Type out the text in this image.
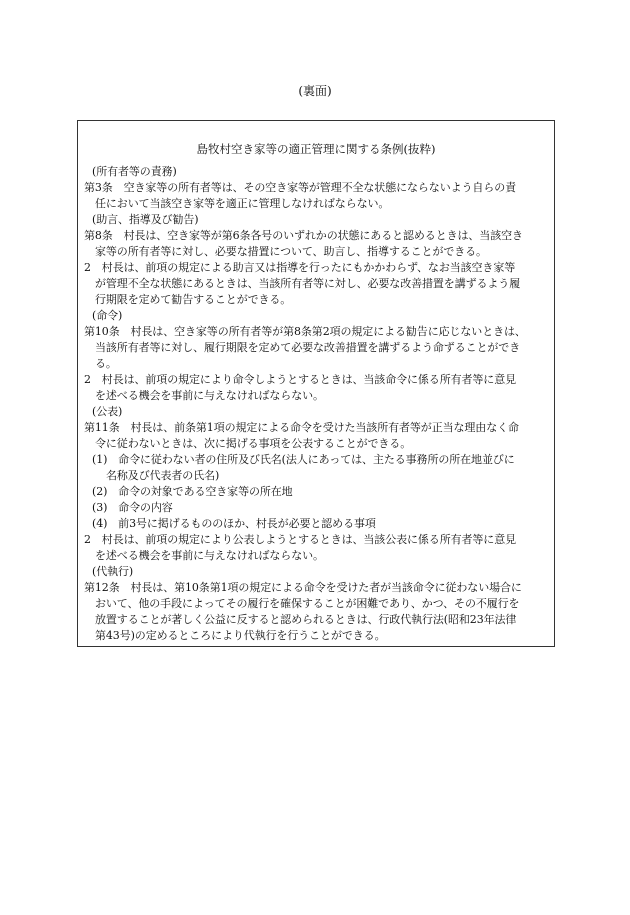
(裏面)
島牧村空き家等の適正管理に関する条例(抜粋)
(所有者等の責務)
第3条　空き家等の所有者等は、その空き家等が管理不全な状態にならないよう自らの責
任において当該空き家等を適正に管理しなければならない。
(助言、指導及び勧告)
第8条　村長は、空き家等が第6条各号のいずれかの状態にあると認めるときは、当該空き
家等の所有者等に対し、必要な措置について、助言し、指導することができる。
2　村長は、前項の規定による助言又は指導を行ったにもかかわらず、なお当該空き家等
が管理不全な状態にあるときは、当該所有者等に対し、必要な改善措置を講ずるよう履
行期限を定めて勧告することができる。
(命令)
第10条　村長は、空き家等の所有者等が第8条第2項の規定による勧告に応じないときは、
当該所有者等に対し、履行期限を定めて必要な改善措置を講ずるよう命ずることができ
る。
2　村長は、前項の規定により命令しようとするときは、当該命令に係る所有者等に意見
を述べる機会を事前に与えなければならない。
(公表)
第11条　村長は、前条第1項の規定による命令を受けた当該所有者等が正当な理由なく命
令に従わないときは、次に掲げる事項を公表することができる。
(1)　命令に従わない者の住所及び氏名(法人にあっては、主たる事務所の所在地並びに
名称及び代表者の氏名)
(2)　命令の対象である空き家等の所在地
(3)　命令の内容
(4)　前3号に掲げるもののほか、村長が必要と認める事項
2　村長は、前項の規定により公表しようとするときは、当該公表に係る所有者等に意見
を述べる機会を事前に与えなければならない。
(代執行)
第12条　村長は、第10条第1項の規定による命令を受けた者が当該命令に従わない場合に
おいて、他の手段によってその履行を確保することが困難であり、かつ、その不履行を
放置することが著しく公益に反すると認められるときは、行政代執行法(昭和23年法律
第43号)の定めるところにより代執行を行うことができる。
